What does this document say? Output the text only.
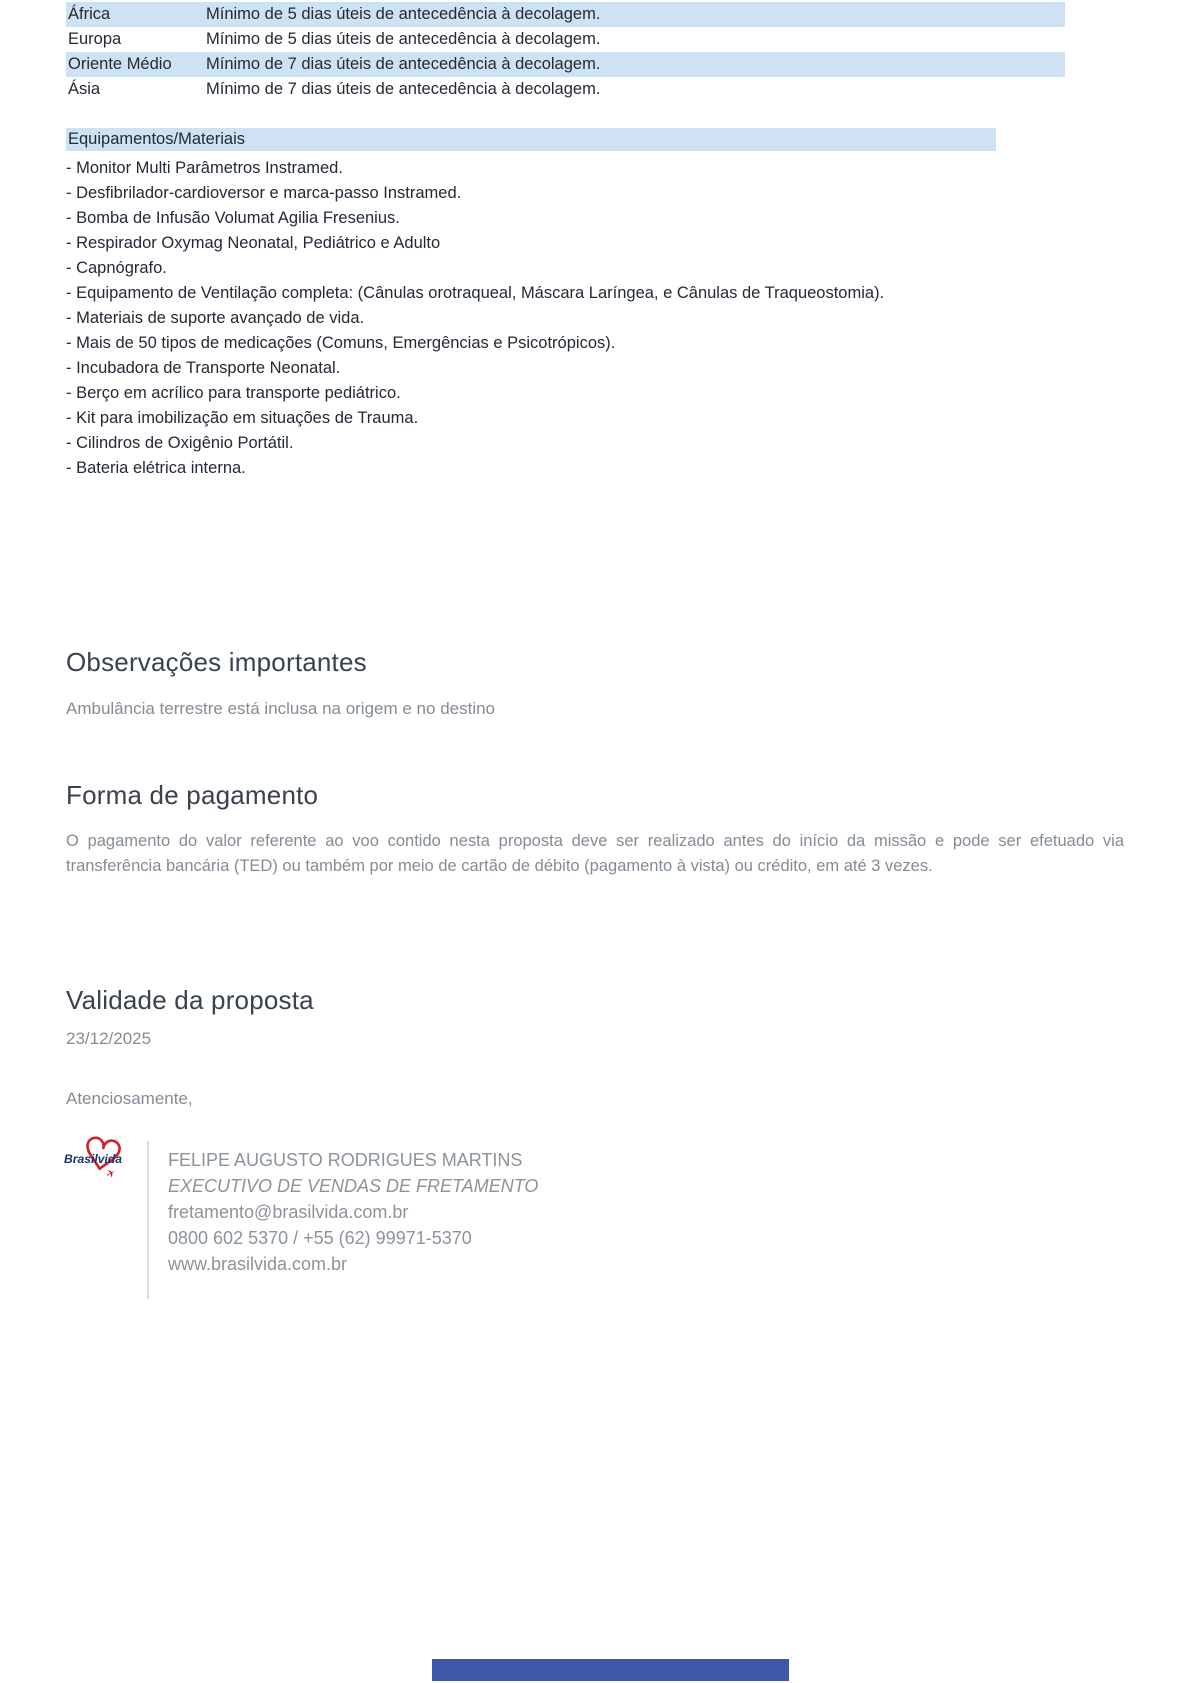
África	Mínimo de 5 dias úteis de antecedência à decolagem.
Europa	Mínimo de 5 dias úteis de antecedência à decolagem.
Oriente Médio	Mínimo de 7 dias úteis de antecedência à decolagem.
Ásia	Mínimo de 7 dias úteis de antecedência à decolagem.
Equipamentos/Materiais
- Monitor Multi Parâmetros Instramed.
- Desfibrilador-cardioversor e marca-passo Instramed.
- Bomba de Infusão Volumat Agilia Fresenius.
- Respirador Oxymag Neonatal, Pediátrico e Adulto
- Capnógrafo.
- Equipamento de Ventilação completa: (Cânulas orotraqueal, Máscara Laríngea, e Cânulas de Traqueostomia).
- Materiais de suporte avançado de vida.
- Mais de 50 tipos de medicações (Comuns, Emergências e Psicotrópicos).
- Incubadora de Transporte Neonatal.
- Berço em acrílico para transporte pediátrico.
- Kit para imobilização em situações de Trauma.
- Cilindros de Oxigênio Portátil.
- Bateria elétrica interna.
Observações importantes
Ambulância terrestre está inclusa na origem e no destino
Forma de pagamento
O pagamento do valor referente ao voo contido nesta proposta deve ser realizado antes do início da missão e pode ser efetuado via transferência bancária (TED) ou também por meio de cartão de débito (pagamento à vista) ou crédito, em até 3 vezes.
Validade da proposta
23/12/2025
Atenciosamente,
Brasilvida
✈
FELIPE AUGUSTO RODRIGUES MARTINS
EXECUTIVO DE VENDAS DE FRETAMENTO
fretamento@brasilvida.com.br
0800 602 5370 / +55 (62) 99971-5370
www.brasilvida.com.br
